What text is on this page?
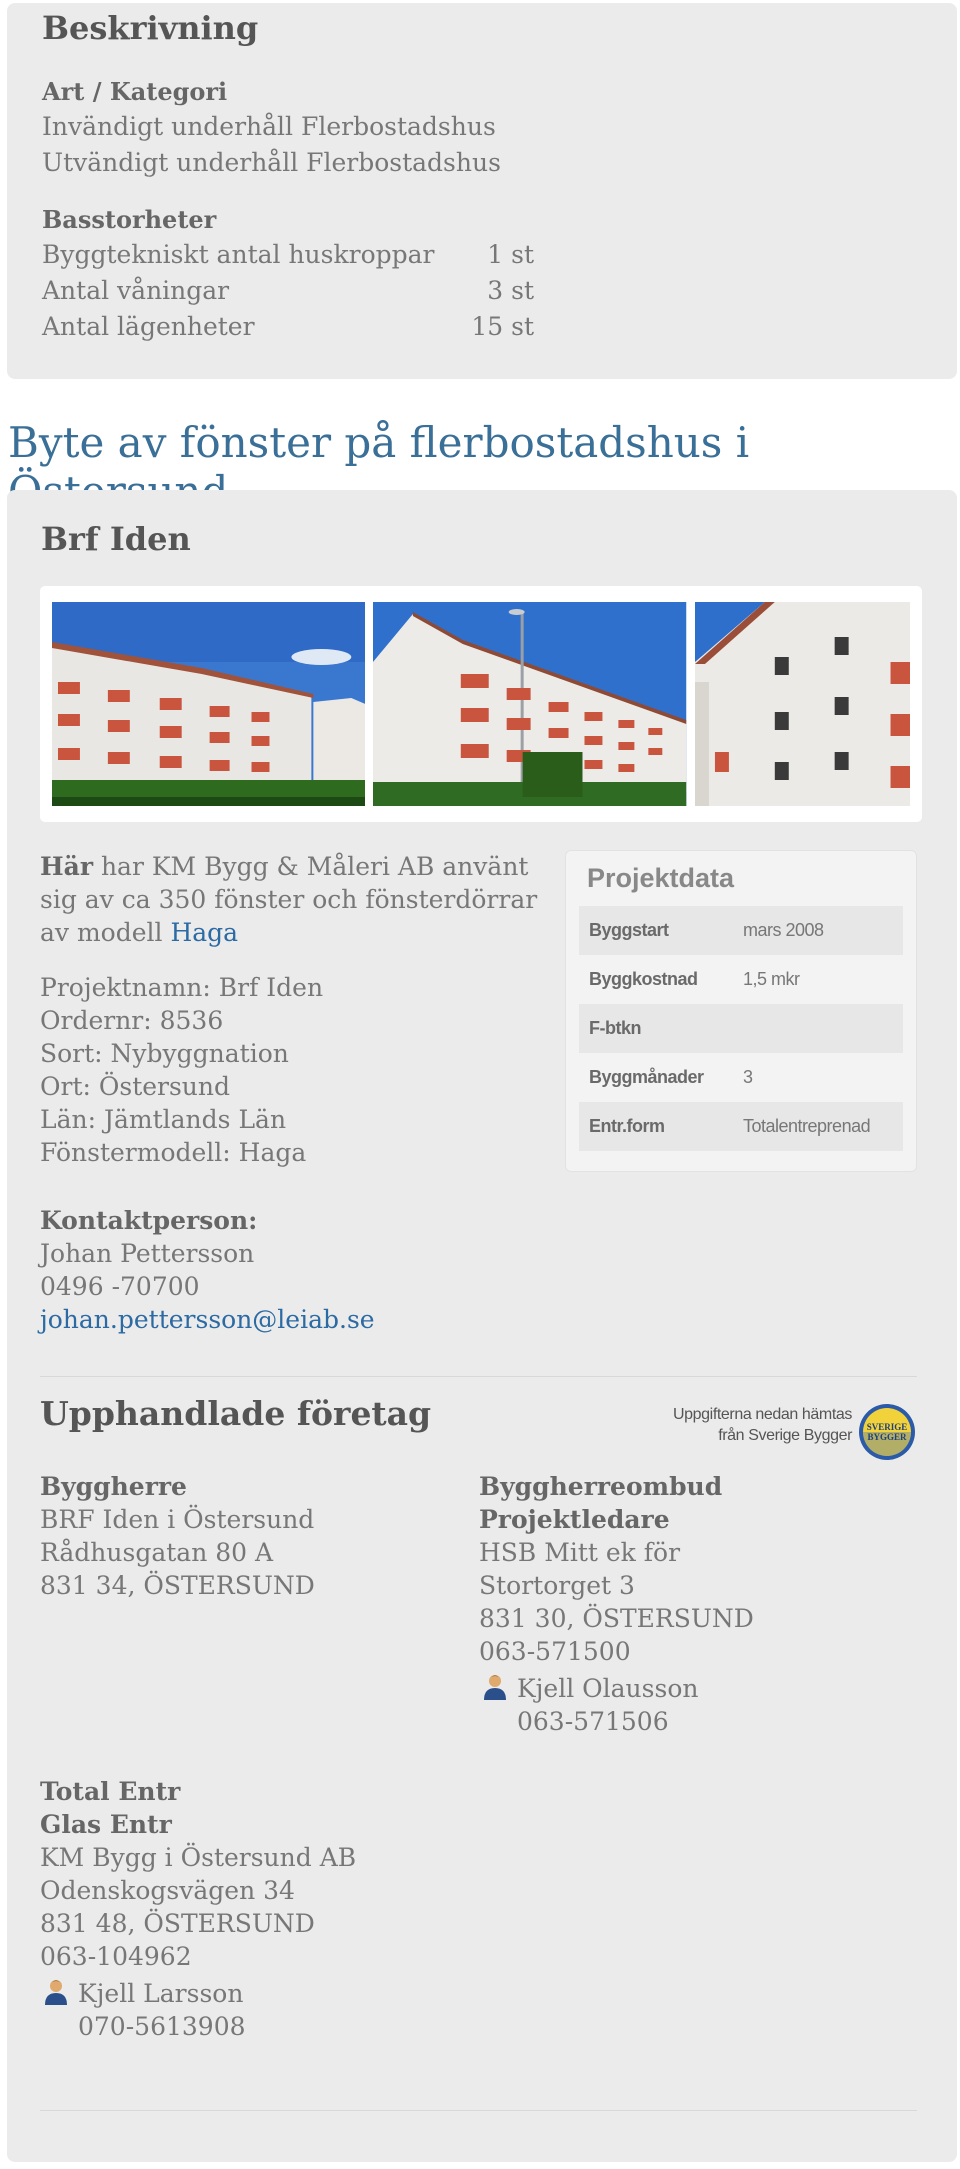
Beskrivning
Art / Kategori
Invändigt underhåll Flerbostadshus
Utvändigt underhåll Flerbostadshus
Basstorheter
Byggtekniskt antal huskroppar	1 st
Antal våningar	3 st
Antal lägenheter	15 st
Byte av fönster på flerbostadshus i
Brf Iden
Här har KM Bygg & Måleri AB använt sig av ca 350 fönster och fönsterdörrar av modell Haga
Projektnamn: Brf Iden
Ordernr: 8536
Sort: Nybyggnation
Ort: Östersund
Län: Jämtlands Län
Fönstermodell: Haga
Projektdata
Byggstart	mars 2008
Byggkostnad	1,5 mkr
F-btkn
Byggmånader	3
Entr.form	Totalentreprenad
Kontaktperson:
Johan Pettersson
0496 -70700
johan.pettersson@leiab.se
Upphandlade företag	Uppgifterna nedan hämtas
från Sverige Bygger SVERIGE
BYGGER
Byggherre
BRF Iden i Östersund
Rådhusgatan 80 A
831 34, ÖSTERSUND
Byggherreombud
Projektledare
HSB Mitt ek för
Stortorget 3
831 30, ÖSTERSUND
063-571500
Kjell Olausson
063-571506
Total Entr
Glas Entr
KM Bygg i Östersund AB
Odenskogsvägen 34
831 48, ÖSTERSUND
063-104962
Kjell Larsson
070-5613908
